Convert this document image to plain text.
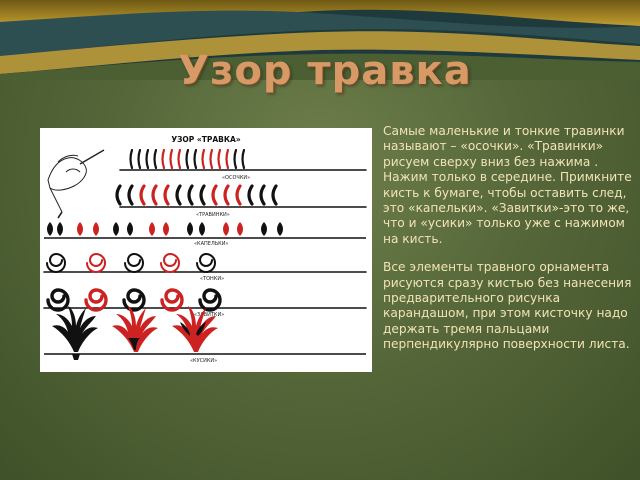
Узор травка
УЗОР «ТРАВКА»
«ОСОЧКИ»
«ТРАВИНКИ»
«КАПЕЛЬКИ»
«ТОНКИ»
«ЗАВИТКИ»
«КУСИКИ»

Самые маленькие и тонкие травинки называют – «осочки». «Травинки» рисуем сверху вниз без нажима . Нажим только в середине. Примкните кисть к бумаге, чтобы оставить след, это «капельки». «Завитки»-это то же, что и «усики» только уже с нажимом на кисть.

Все элементы травного орнамента рисуются сразу кистью без нанесения предварительного рисунка карандашом, при этом кисточку надо держать тремя пальцами перпендикулярно поверхности листа.
